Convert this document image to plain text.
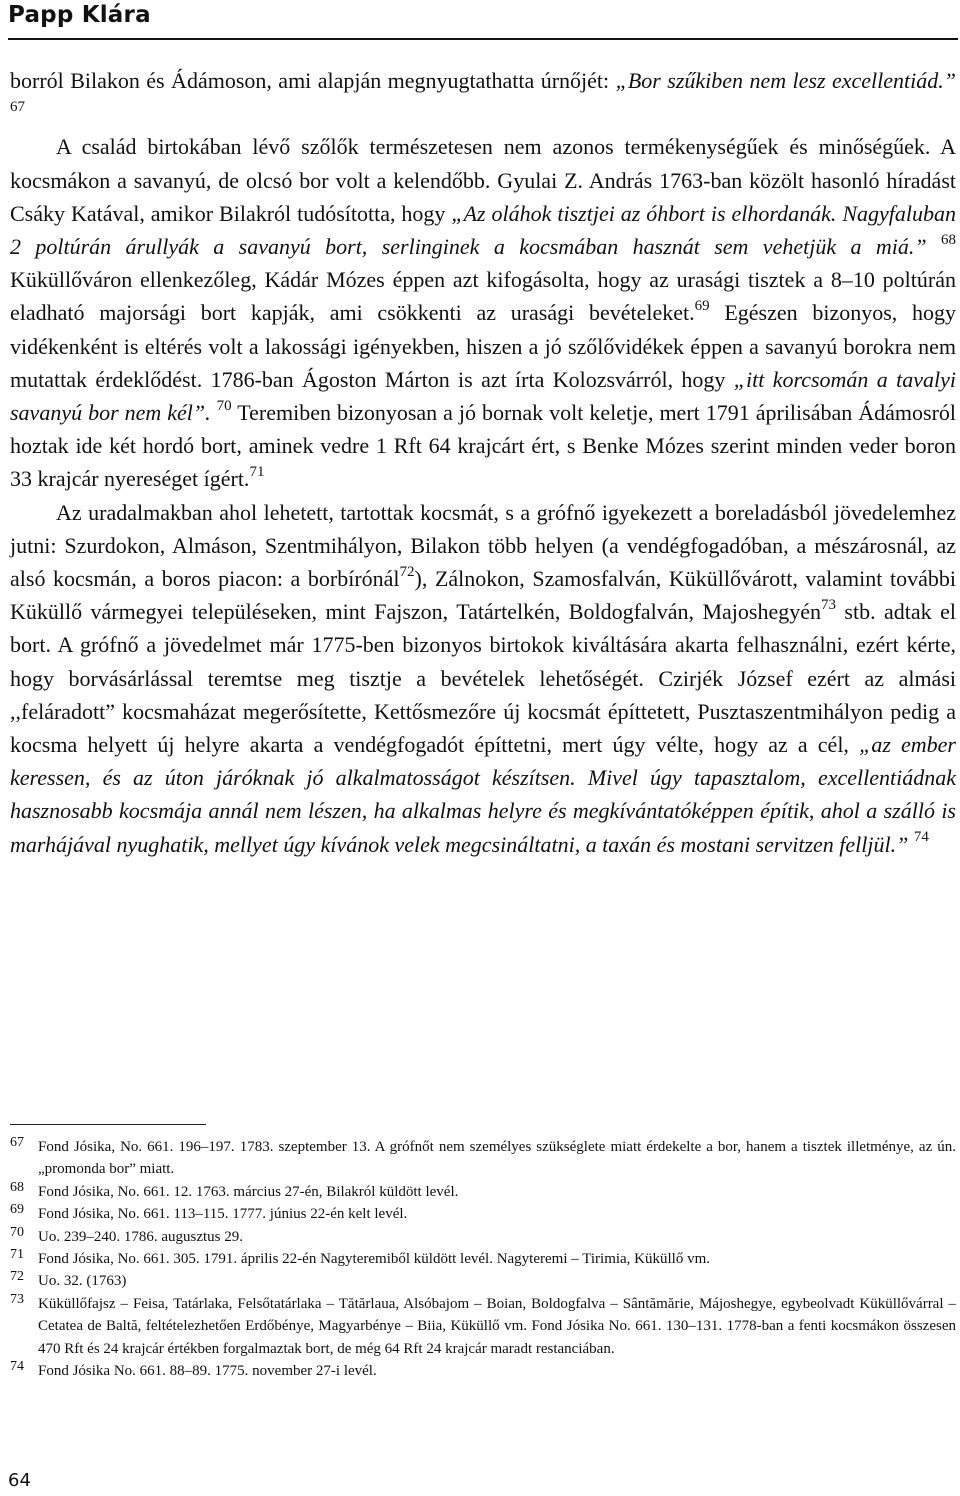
Papp Klára

borról Bilakon és Ádámoson, ami alapján megnyugtathatta úrnőjét: „Bor szűkiben nem lesz excellentiád.” $^{67}$

A család birtokában lévő szőlők természetesen nem azonos termékenységűek és minőségűek. A kocsmákon a savanyú, de olcsó bor volt a kelendőbb. Gyulai Z. András 1763-ban közölt hasonló híradást Csáky Katával, amikor Bilakról tudósította, hogy „Az oláhok tisztjei az óhbort is elhordanák. Nagyfaluban 2 poltúrán árullyák a savanyú bort, serlinginek a kocsmában hasznát sem vehetjük a miá.” $^{68}$ Küküllőváron ellenkezőleg, Kádár Mózes éppen azt kifogásolta, hogy az urasági tisztek a 8–10 poltúrán eladható majorsági bort kapják, ami csökkenti az urasági bevételeket.$^{69}$ Egészen bizonyos, hogy vidékenként is eltérés volt a lakossági igényekben, hiszen a jó szőlővidékek éppen a savanyú borokra nem mutattak érdeklődést. 1786-ban Ágoston Márton is azt írta Kolozsvárról, hogy „itt korcsomán a tavalyi savanyú bor nem kél”. $^{70}$ Teremiben bizonyosan a jó bornak volt keletje, mert 1791 áprilisában Ádámosról hoztak ide két hordó bort, aminek vedre 1 Rft 64 krajcárt ért, s Benke Mózes szerint minden veder boron 33 krajcár nyereséget ígért.$^{71}$

Az uradalmakban ahol lehetett, tartottak kocsmát, s a grófnő igyekezett a boreladásból jövedelemhez jutni: Szurdokon, Almáson, Szentmihályon, Bilakon több helyen (a vendégfogadóban, a mészárosnál, az alsó kocsmán, a boros piacon: a borbírónál$^{72}$), Zálnokon, Szamosfalván, Küküllővárott, valamint további Küküllő vármegyei településeken, mint Fajszon, Tatártelkén, Boldogfalván, Majoshegyén$^{73}$ stb. adtak el bort. A grófnő a jövedelmet már 1775-ben bizonyos birtokok kiváltására akarta felhasználni, ezért kérte, hogy borvásárlással teremtse meg tisztje a bevételek lehetőségét. Czirjék József ezért az almási ,,feláradott” kocsmaházat megerősítette, Kettősmezőre új kocsmát építtetett, Pusztaszentmihályon pedig a kocsma helyett új helyre akarta a vendégfogadót építtetni, mert úgy vélte, hogy az a cél, „az ember keressen, és az úton járóknak jó alkalmatosságot készítsen. Mivel úgy tapasztalom, excellentiádnak hasznosabb kocsmája annál nem lészen, ha alkalmas helyre és megkívántatóképpen építik, ahol a szálló is marhájával nyughatik, mellyet úgy kívánok velek megcsináltatni, a taxán és mostani servitzen felljül.” $^{74}$

67 Fond Jósika, No. 661. 196–197. 1783. szeptember 13. A grófnőt nem személyes szükséglete miatt érdekelte a bor, hanem a tisztek illetménye, az ún. „promonda bor” miatt.
68 Fond Jósika, No. 661. 12. 1763. március 27-én, Bilakról küldött levél.
69 Fond Jósika, No. 661. 113–115. 1777. június 22-én kelt levél.
70 Uo. 239–240. 1786. augusztus 29.
71 Fond Jósika, No. 661. 305. 1791. április 22-én Nagyteremiből küldött levél. Nagyteremi – Tirimia, Küküllő vm.
72 Uo. 32. (1763)
73 Küküllőfajsz – Feisa, Tatárlaka, Felsőtatárlaka – Tătărlaua, Alsóbajom – Boian, Boldogfalva – Sântămărie, Májoshegye, egybeolvadt Küküllővárral – Cetatea de Baltă, feltételezhetően Erdőbénye, Magyarbénye – Biia, Küküllő vm. Fond Jósika No. 661. 130–131. 1778-ban a fenti kocsmákon összesen 470 Rft és 24 krajcár értékben forgalmaztak bort, de még 64 Rft 24 krajcár maradt restanciában.
74 Fond Jósika No. 661. 88–89. 1775. november 27-i levél.
64
